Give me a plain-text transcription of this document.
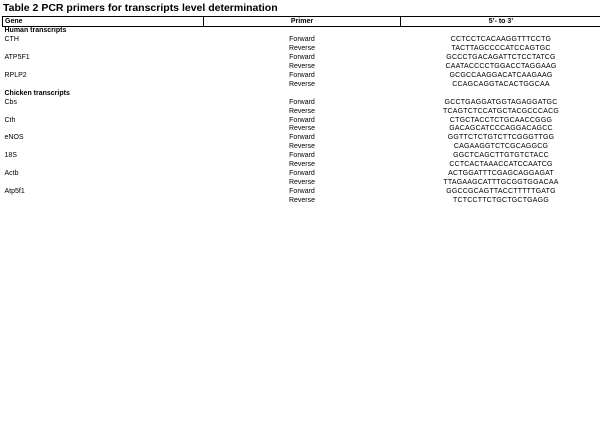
Table 2 PCR primers for transcripts level determination
Gene	Primer	5’- to 3’
Human transcripts		
CTH	Forward	CCTCCTCACAAGGTTTCCTG
	Reverse	TACTTAGCCCCATCCAGTGC
ATP5F1	Forward	GCCCTGACAGATTCTCCTATCG
	Reverse	CAATACCCCTGGACCTAGGAAG
RPLP2	Forward	GCGCCAAGGACATCAAGAAG
	Reverse	CCAGCAGGTACACTGGCAA
Chicken transcripts		
Cbs	Forward	GCCTGAGGATGGTAGAGGATGC
	Reverse	TCAGTCTCCATGCTACGCCCACG
Cth	Forward	CTGCTACCTCTGCAACCGGG
	Reverse	GACAGCATCCCAGGACAGCC
eNOS	Forward	GGTTCTCTGTCTTCGGGTTGG
	Reverse	CAGAAGGTCTCGCAGGCG
18S	Forward	GGCTCAGCTTGTGTCTACC
	Reverse	CCTCACTAAACCATCCAATCG
Actb	Forward	ACTGGATTTCGAGCAGGAGAT
	Reverse	TTAGAAGCATTTGCGGTGGACAA
Atp5f1	Forward	GGCCGCAGTTACCTTTTTGATG
	Reverse	TCTCCTTCTGCTGCTGAGG
